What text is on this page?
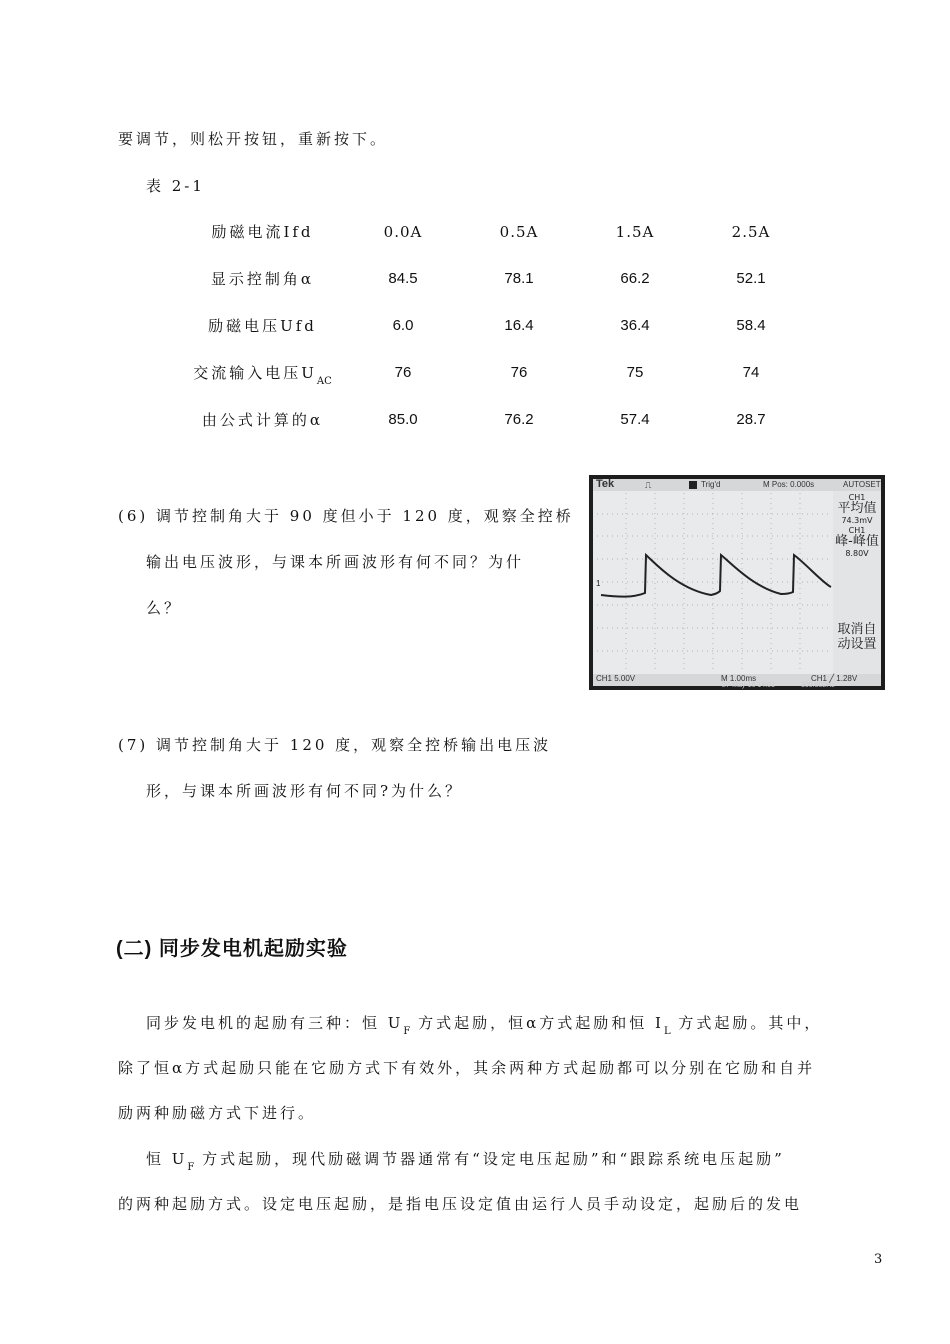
要调节，则松开按钮，重新按下。
表 2-1
励磁电流Ifd	0.0A	0.5A	1.5A	2.5A
显示控制角α	84.5	78.1	66.2	52.1
励磁电压Ufd	6.0	16.4	36.4	58.4
交流输入电压$U_{AC}$	76	76	75	74
由公式计算的α	85.0	76.2	57.4	28.7
(6) 调节控制角大于 90 度但小于 120 度，观察全控桥
输出电压波形，与课本所画波形有何不同？为什
么？
Tek	⎍	Trig'd	M Pos: 0.000s	AUTOSET
1
CH1
平均值
74.3mV
CH1
峰-峰值
8.80V
取消自
动设置
CH1 5.00V	M 1.00ms	CH1 ╱ 1.28V
27-May-16 14:01	300.802Hz
(7) 调节控制角大于 120 度，观察全控桥输出电压波
形，与课本所画波形有何不同?为什么？
(二) 同步发电机起励实验
同步发电机的起励有三种：恒 $U_F$ 方式起励，恒α方式起励和恒 $I_L$ 方式起励。其中，
除了恒α方式起励只能在它励方式下有效外，其余两种方式起励都可以分别在它励和自并
励两种励磁方式下进行。
恒 $U_F$ 方式起励，现代励磁调节器通常有“设定电压起励”和“跟踪系统电压起励”
的两种起励方式。设定电压起励，是指电压设定值由运行人员手动设定，起励后的发电
3
